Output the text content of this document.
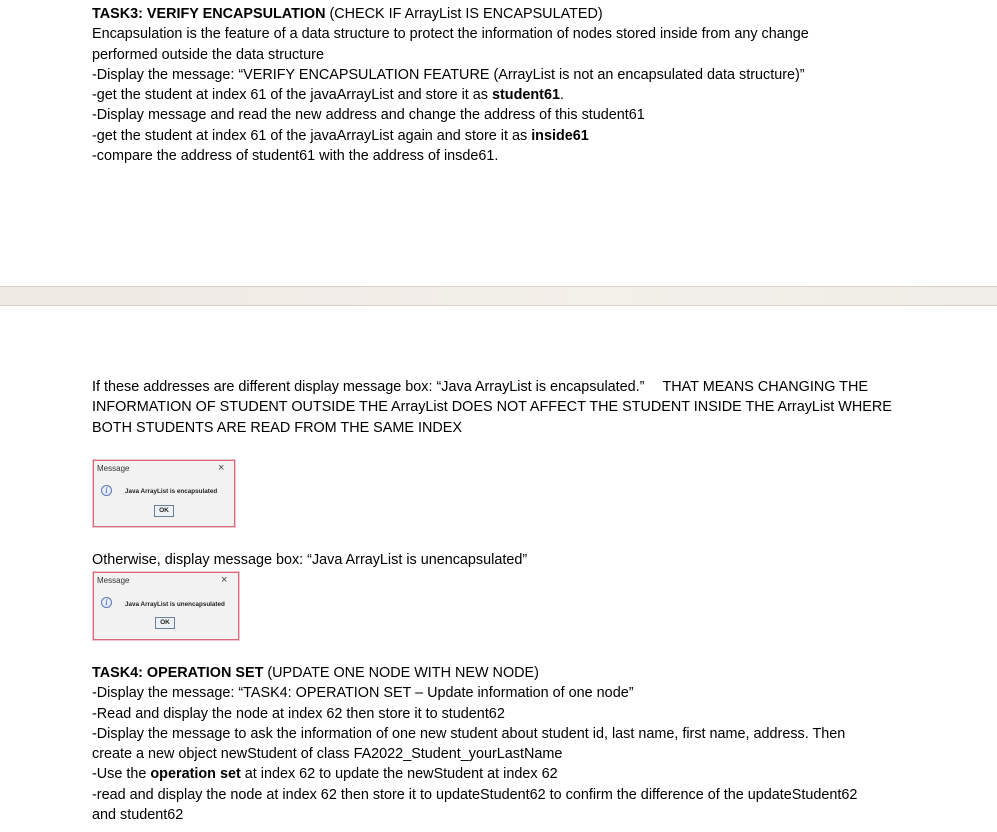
TASK3: VERIFY ENCAPSULATION (CHECK IF ArrayList IS ENCAPSULATED)
Encapsulation is the feature of a data structure to protect the information of nodes stored inside from any change
performed outside the data structure
-Display the message: “VERIFY ENCAPSULATION FEATURE (ArrayList is not an encapsulated data structure)”
-get the student at index 61 of the javaArrayList and store it as student61.
-Display message and read the new address and change the address of this student61
-get the student at index 61 of the javaArrayList again and store it as inside61
-compare the address of student61 with the address of insde61.
If these addresses are different display message box: “Java ArrayList is encapsulated.” THAT MEANS CHANGING THE INFORMATION OF STUDENT OUTSIDE THE ArrayList DOES NOT AFFECT THE STUDENT INSIDE THE ArrayList WHERE BOTH STUDENTS ARE READ FROM THE SAME INDEX
Message	×
i	Java ArrayList is encapsulated
OK
Otherwise, display message box: “Java ArrayList is unencapsulated”
Message	×
i	Java ArrayList is unencapsulated
OK
TASK4: OPERATION SET (UPDATE ONE NODE WITH NEW NODE)
-Display the message: “TASK4: OPERATION SET – Update information of one node”
-Read and display the node at index 62 then store it to student62
-Display the message to ask the information of one new student about student id, last name, first name, address. Then
create a new object newStudent of class FA2022_Student_yourLastName
-Use the operation set at index 62 to update the newStudent at index 62
-read and display the node at index 62 then store it to updateStudent62 to confirm the difference of the updateStudent62
and student62
